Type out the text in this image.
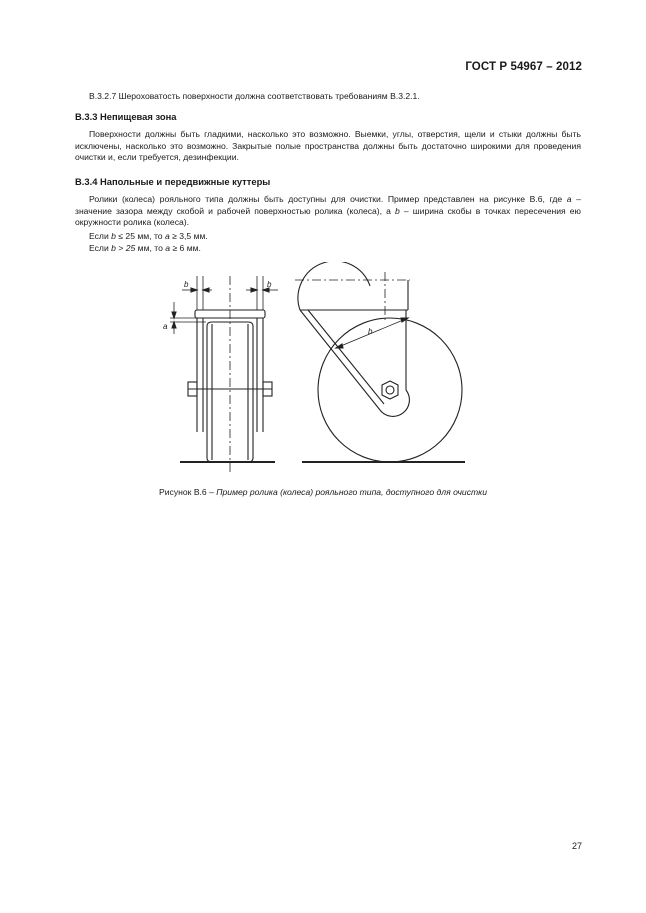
ГОСТ Р 54967 – 2012
В.3.2.7 Шероховатость поверхности должна соответствовать требованиям В.3.2.1.
В.3.3 Непищевая зона
Поверхности должны быть гладкими, насколько это возможно. Выемки, углы, отверстия, щели и стыки должны быть исключены, насколько это возможно. Закрытые полые пространства должны быть достаточно широкими для проведения очистки и, если требуется, дезинфекции.
В.3.4 Напольные и передвижные куттеры
Ролики (колеса) рояльного типа должны быть доступны для очистки. Пример представлен на рисунке В.6, где a – значение зазора между скобой и рабочей поверхностью ролика (колеса), а b – ширина скобы в точках пересечения ею окружности ролика (колеса).
Если b ≤ 25 мм, то a ≥ 3,5 мм.
Если b > 25 мм, то a ≥ 6 мм.
b	b
a
b
Рисунок В.6 – Пример ролика (колеса) рояльного типа, доступного для очистки
27
